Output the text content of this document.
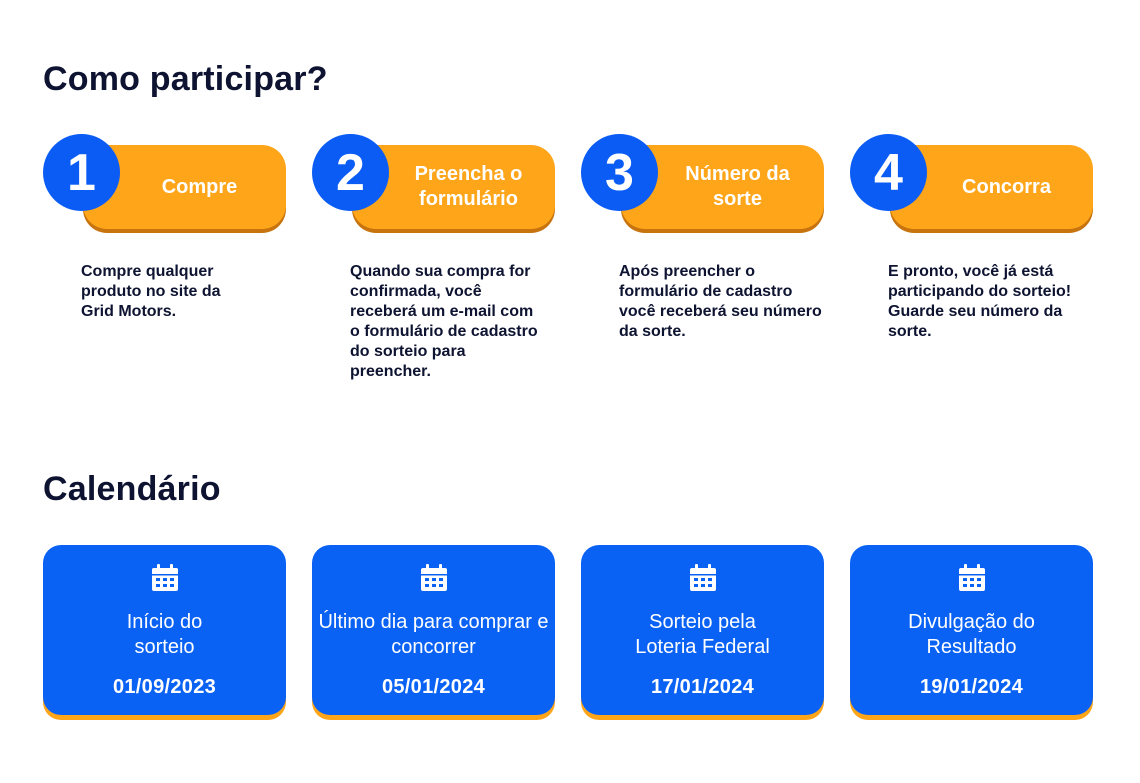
Como participar?
Compre
1
Compre qualquer produto no site da Grid Motors.
Preencha o formulário
2
Quando sua compra for confirmada, você receberá um e-mail com o formulário de cadastro do sorteio para preencher.
Número da sorte
3
Após preencher o formulário de cadastro você receberá seu número da sorte.
Concorra
4
E pronto, você já está participando do sorteio! Guarde seu número da sorte.
Calendário
Início do sorteio
01/09/2023
Último dia para comprar e concorrer
05/01/2024
Sorteio pela Loteria Federal
17/01/2024
Divulgação do Resultado
19/01/2024
